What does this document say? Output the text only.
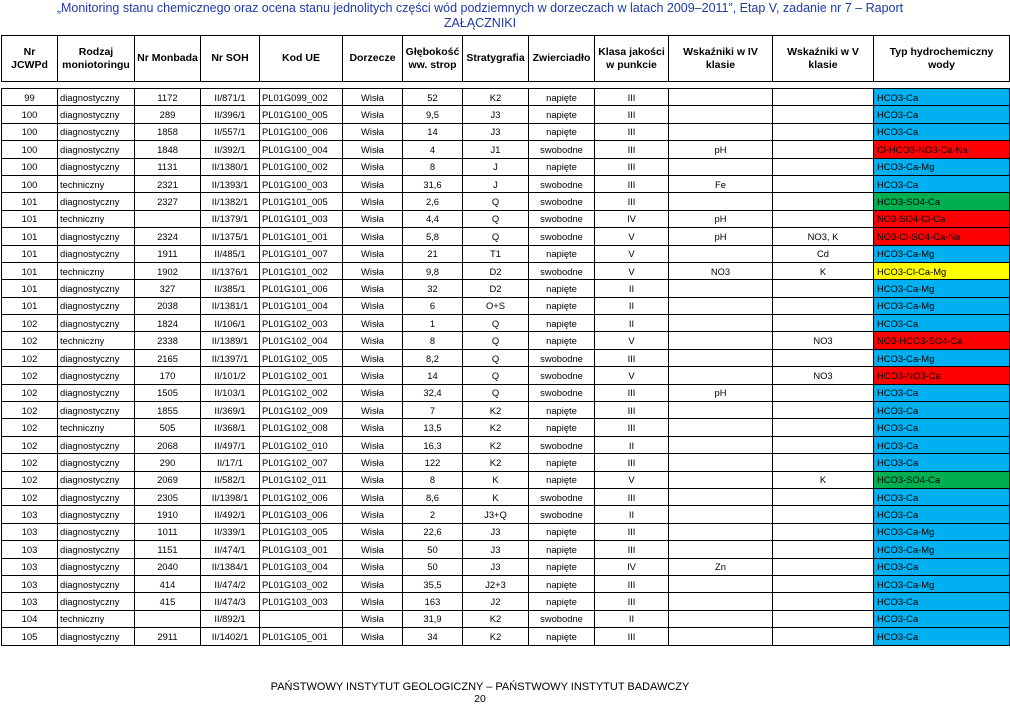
„Monitoring stanu chemicznego oraz ocena stanu jednolitych części wód podziemnych w dorzeczach w latach 2009–2011”, Etap V, zadanie nr 7 – Raport
ZAŁĄCZNIKI
Nr JCWPd	Rodzaj moniotoringu	Nr Monbada	Nr SOH	Kod UE	Dorzecze	Głębokość ww. strop	Stratygrafia	Zwierciadło	Klasa jakości w punkcie	Wskaźniki w IV klasie	Wskaźniki w V klasie	Typ hydrochemiczny wody

99	diagnostyczny	1172	II/871/1	PL01G099_002	Wisła	52	K2	napięte	III			HCO3-Ca
100	diagnostyczny	289	II/396/1	PL01G100_005	Wisła	9,5	J3	napięte	III			HCO3-Ca
100	diagnostyczny	1858	II/557/1	PL01G100_006	Wisła	14	J3	napięte	III			HCO3-Ca
100	diagnostyczny	1848	II/392/1	PL01G100_004	Wisła	4	J1	swobodne	III	pH		Cl-HCO3-NO3-Ca-Na
100	diagnostyczny	1131	II/1380/1	PL01G100_002	Wisła	8	J	napięte	III			HCO3-Ca-Mg
100	techniczny	2321	II/1393/1	PL01G100_003	Wisła	31,6	J	swobodne	III	Fe		HCO3-Ca
101	diagnostyczny	2327	II/1382/1	PL01G101_005	Wisła	2,6	Q	swobodne	III			HCO3-SO4-Ca
101	techniczny		II/1379/1	PL01G101_003	Wisła	4,4	Q	swobodne	IV	pH		NO3-SO4-Cl-Ca
101	diagnostyczny	2324	II/1375/1	PL01G101_001	Wisła	5,8	Q	swobodne	V	pH	NO3, K	NO3-Cl-SO4-Ca-Na
101	diagnostyczny	1911	II/485/1	PL01G101_007	Wisła	21	T1	napięte	V		Cd	HCO3-Ca-Mg
101	techniczny	1902	II/1376/1	PL01G101_002	Wisła	9,8	D2	swobodne	V	NO3	K	HCO3-Cl-Ca-Mg
101	diagnostyczny	327	II/385/1	PL01G101_006	Wisła	32	D2	napięte	II			HCO3-Ca-Mg
101	diagnostyczny	2038	II/1381/1	PL01G101_004	Wisła	6	O+S	napięte	II			HCO3-Ca-Mg
102	diagnostyczny	1824	II/106/1	PL01G102_003	Wisła	1	Q	napięte	II			HCO3-Ca
102	techniczny	2338	II/1389/1	PL01G102_004	Wisła	8	Q	napięte	V		NO3	NO3-HCO3-SO4-Ca
102	diagnostyczny	2165	II/1397/1	PL01G102_005	Wisła	8,2	Q	swobodne	III			HCO3-Ca-Mg
102	diagnostyczny	170	II/101/2	PL01G102_001	Wisła	14	Q	swobodne	V		NO3	HCO3-NO3-Ca
102	diagnostyczny	1505	II/103/1	PL01G102_002	Wisła	32,4	Q	swobodne	III	pH		HCO3-Ca
102	diagnostyczny	1855	II/369/1	PL01G102_009	Wisła	7	K2	napięte	III			HCO3-Ca
102	techniczny	505	II/368/1	PL01G102_008	Wisła	13,5	K2	napięte	III			HCO3-Ca
102	diagnostyczny	2068	II/497/1	PL01G102_010	Wisła	16,3	K2	swobodne	II			HCO3-Ca
102	diagnostyczny	290	II/17/1	PL01G102_007	Wisła	122	K2	napięte	III			HCO3-Ca
102	diagnostyczny	2069	II/582/1	PL01G102_011	Wisła	8	K	napięte	V		K	HCO3-SO4-Ca
102	diagnostyczny	2305	II/1398/1	PL01G102_006	Wisła	8,6	K	swobodne	III			HCO3-Ca
103	diagnostyczny	1910	II/492/1	PL01G103_006	Wisła	2	J3+Q	swobodne	II			HCO3-Ca
103	diagnostyczny	1011	II/339/1	PL01G103_005	Wisła	22,6	J3	napięte	III			HCO3-Ca-Mg
103	diagnostyczny	1151	II/474/1	PL01G103_001	Wisła	50	J3	napięte	III			HCO3-Ca-Mg
103	diagnostyczny	2040	II/1384/1	PL01G103_004	Wisła	50	J3	napięte	IV	Zn		HCO3-Ca
103	diagnostyczny	414	II/474/2	PL01G103_002	Wisła	35,5	J2+3	napięte	III			HCO3-Ca-Mg
103	diagnostyczny	415	II/474/3	PL01G103_003	Wisła	163	J2	napięte	III			HCO3-Ca
104	techniczny		II/892/1		Wisła	31,9	K2	swobodne	II			HCO3-Ca
105	diagnostyczny	2911	II/1402/1	PL01G105_001	Wisła	34	K2	napięte	III			HCO3-Ca
PAŃSTWOWY INSTYTUT GEOLOGICZNY – PAŃSTWOWY INSTYTUT BADAWCZY
20
